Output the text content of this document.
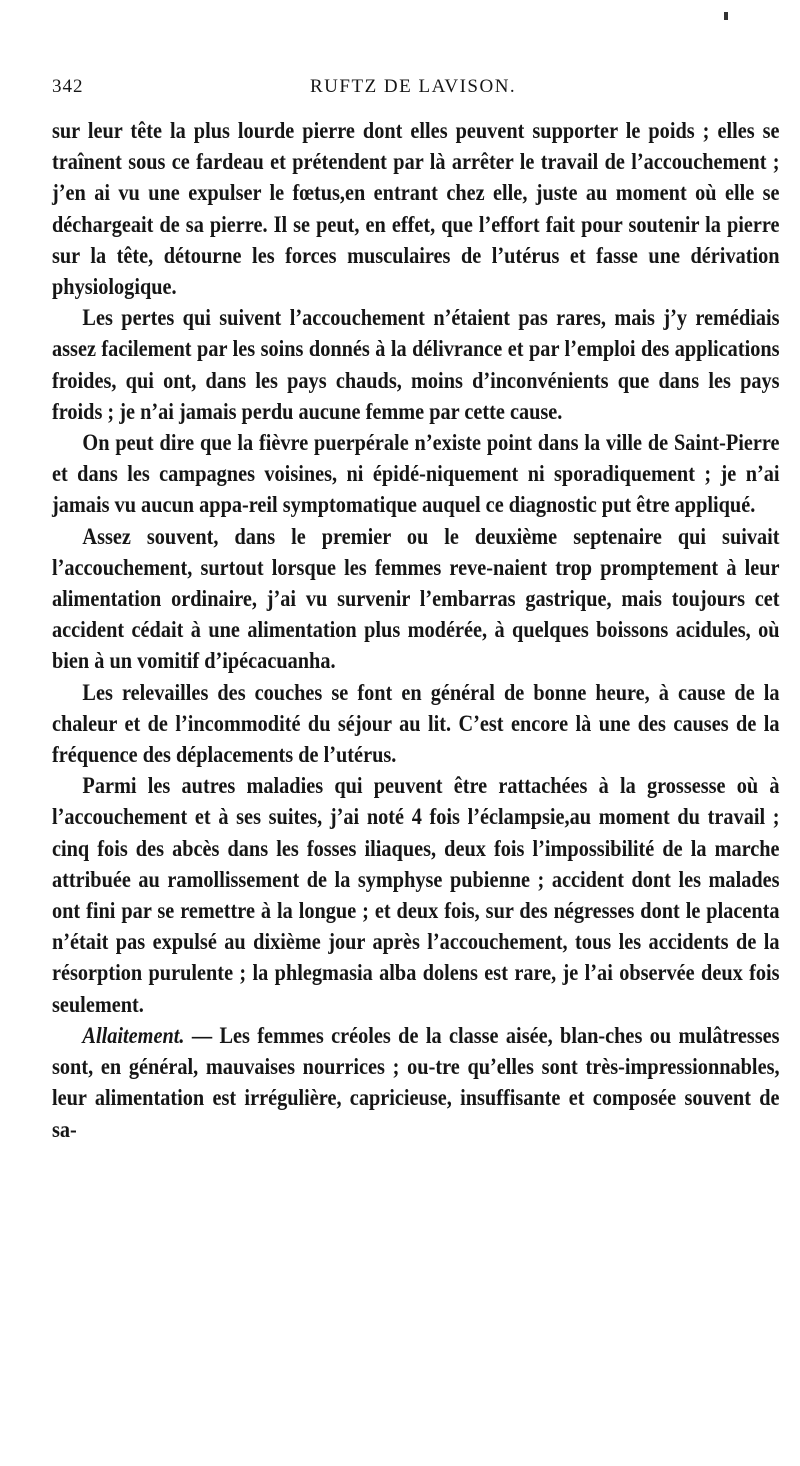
342	RUFTZ DE LAVISON.

sur leur tête la plus lourde pierre dont elles peuvent supporter le poids ; elles se traînent sous ce fardeau et prétendent par là arrêter le travail de l’accouchement ; j’en ai vu une expulser le fœtus,en entrant chez elle, juste au moment où elle se déchargeait de sa pierre. Il se peut, en effet, que l’effort fait pour soutenir la pierre sur la tête, détourne les forces musculaires de l’utérus et fasse une dérivation physiologique.

Les pertes qui suivent l’accouchement n’étaient pas rares, mais j’y remédiais assez facilement par les soins donnés à la délivrance et par l’emploi des applications froides, qui ont, dans les pays chauds, moins d’inconvénients que dans les pays froids ; je n’ai jamais perdu aucune femme par cette cause.

On peut dire que la fièvre puerpérale n’existe point dans la ville de Saint-Pierre et dans les campagnes voisines, ni épidé-niquement ni sporadiquement ; je n’ai jamais vu aucun appa-reil symptomatique auquel ce diagnostic put être appliqué.

Assez souvent, dans le premier ou le deuxième septenaire qui suivait l’accouchement, surtout lorsque les femmes reve-naient trop promptement à leur alimentation ordinaire, j’ai vu survenir l’embarras gastrique, mais toujours cet accident cédait à une alimentation plus modérée, à quelques boissons acidules, où bien à un vomitif d’ipécacuanha.

Les relevailles des couches se font en général de bonne heure, à cause de la chaleur et de l’incommodité du séjour au lit. C’est encore là une des causes de la fréquence des déplacements de l’utérus.

Parmi les autres maladies qui peuvent être rattachées à la grossesse où à l’accouchement et à ses suites, j’ai noté 4 fois l’éclampsie,au moment du travail ; cinq fois des abcès dans les fosses iliaques, deux fois l’impossibilité de la marche attribuée au ramollissement de la symphyse pubienne ; accident dont les malades ont fini par se remettre à la longue ; et deux fois, sur des négresses dont le placenta n’était pas expulsé au dixième jour après l’accouchement, tous les accidents de la résorption purulente ; la phlegmasia alba dolens est rare, je l’ai observée deux fois seulement.

Allaitement. — Les femmes créoles de la classe aisée, blan-ches ou mulâtresses sont, en général, mauvaises nourrices ; ou-tre qu’elles sont très-impressionnables, leur alimentation est irrégulière, capricieuse, insuffisante et composée souvent de sa-
